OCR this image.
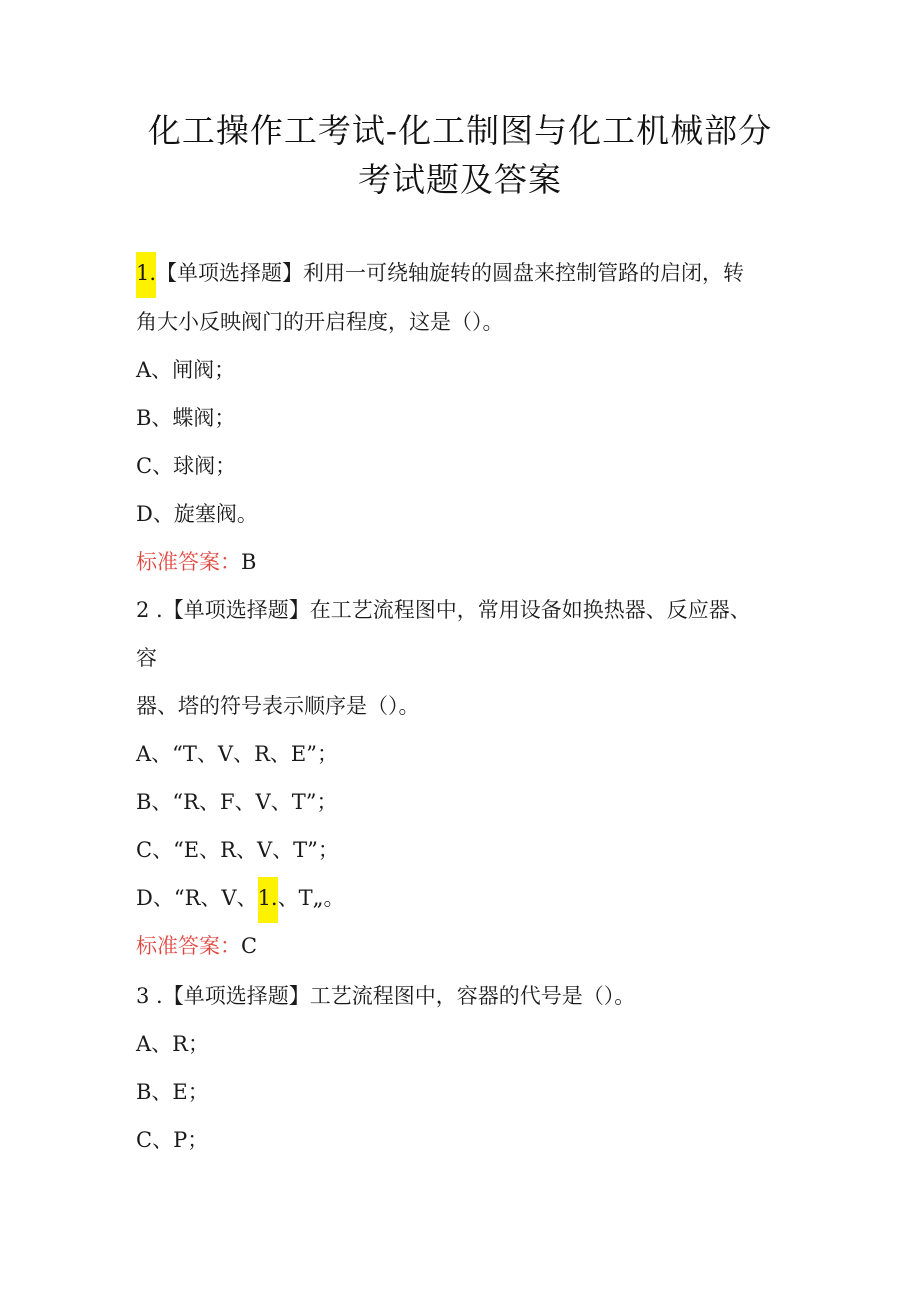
化工操作工考试-化工制图与化工机械部分
考试题及答案
1.【单项选择题】利用一可绕轴旋转的圆盘来控制管路的启闭，转
角大小反映阀门的开启程度，这是（）。
A、闸阀；
B、蝶阀；
C、球阀；
D、旋塞阀。
标准答案：B
2 .【单项选择题】在工艺流程图中，常用设备如换热器、反应器、
容
器、塔的符号表示顺序是（）。
A、“T、V、R、E”；
B、“R、F、V、T”；
C、“E、R、V、T”；
D、“R、V、1.、T„。
标准答案：C
3 .【单项选择题】工艺流程图中，容器的代号是（）。
A、R；
B、E；
C、P；
